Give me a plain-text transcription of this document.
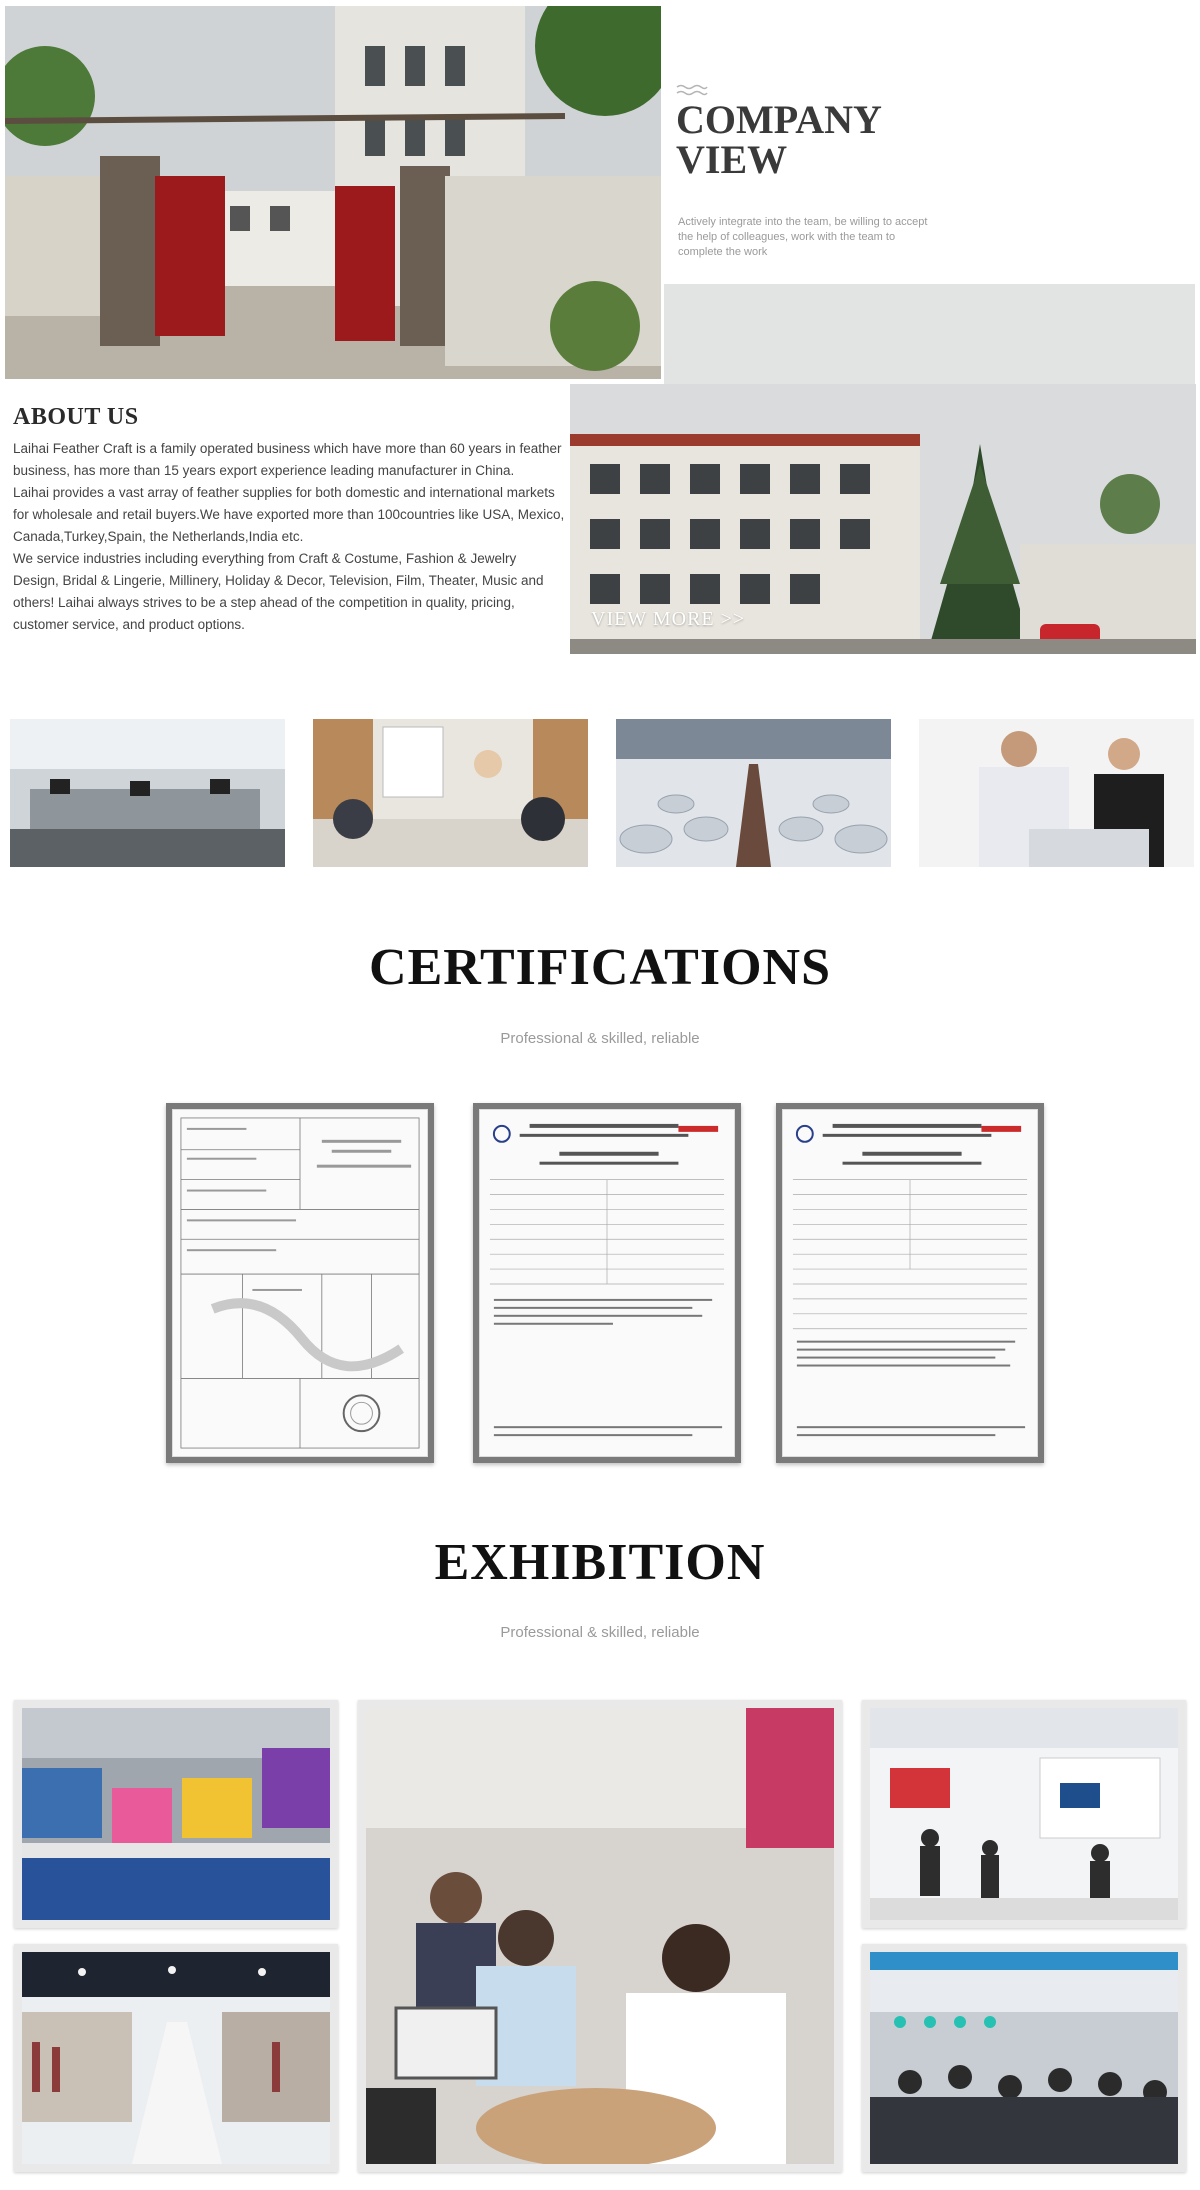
COMPANY
VIEW
Actively integrate into the team, be willing to accept the help of colleagues, work with the team to complete the work
ABOUT US

Laihai Feather Craft is a family operated business which have more than 60 years in feather business, has more than 15 years export experience leading manufacturer in China.

Laihai provides a vast array of feather supplies for both domestic and international markets for wholesale and retail buyers.We have exported more than 100countries like USA, Mexico, Canada,Turkey,Spain, the Netherlands,India etc.

We service industries including everything from Craft & Costume, Fashion & Jewelry Design, Bridal & Lingerie, Millinery, Holiday & Decor, Television, Film, Theater, Music and others! Laihai always strives to be a step ahead of the competition in quality, pricing, customer service, and product options.	VIEW MORE >>
CERTIFICATIONS
Professional & skilled, reliable
EXHIBITION
Professional & skilled, reliable
